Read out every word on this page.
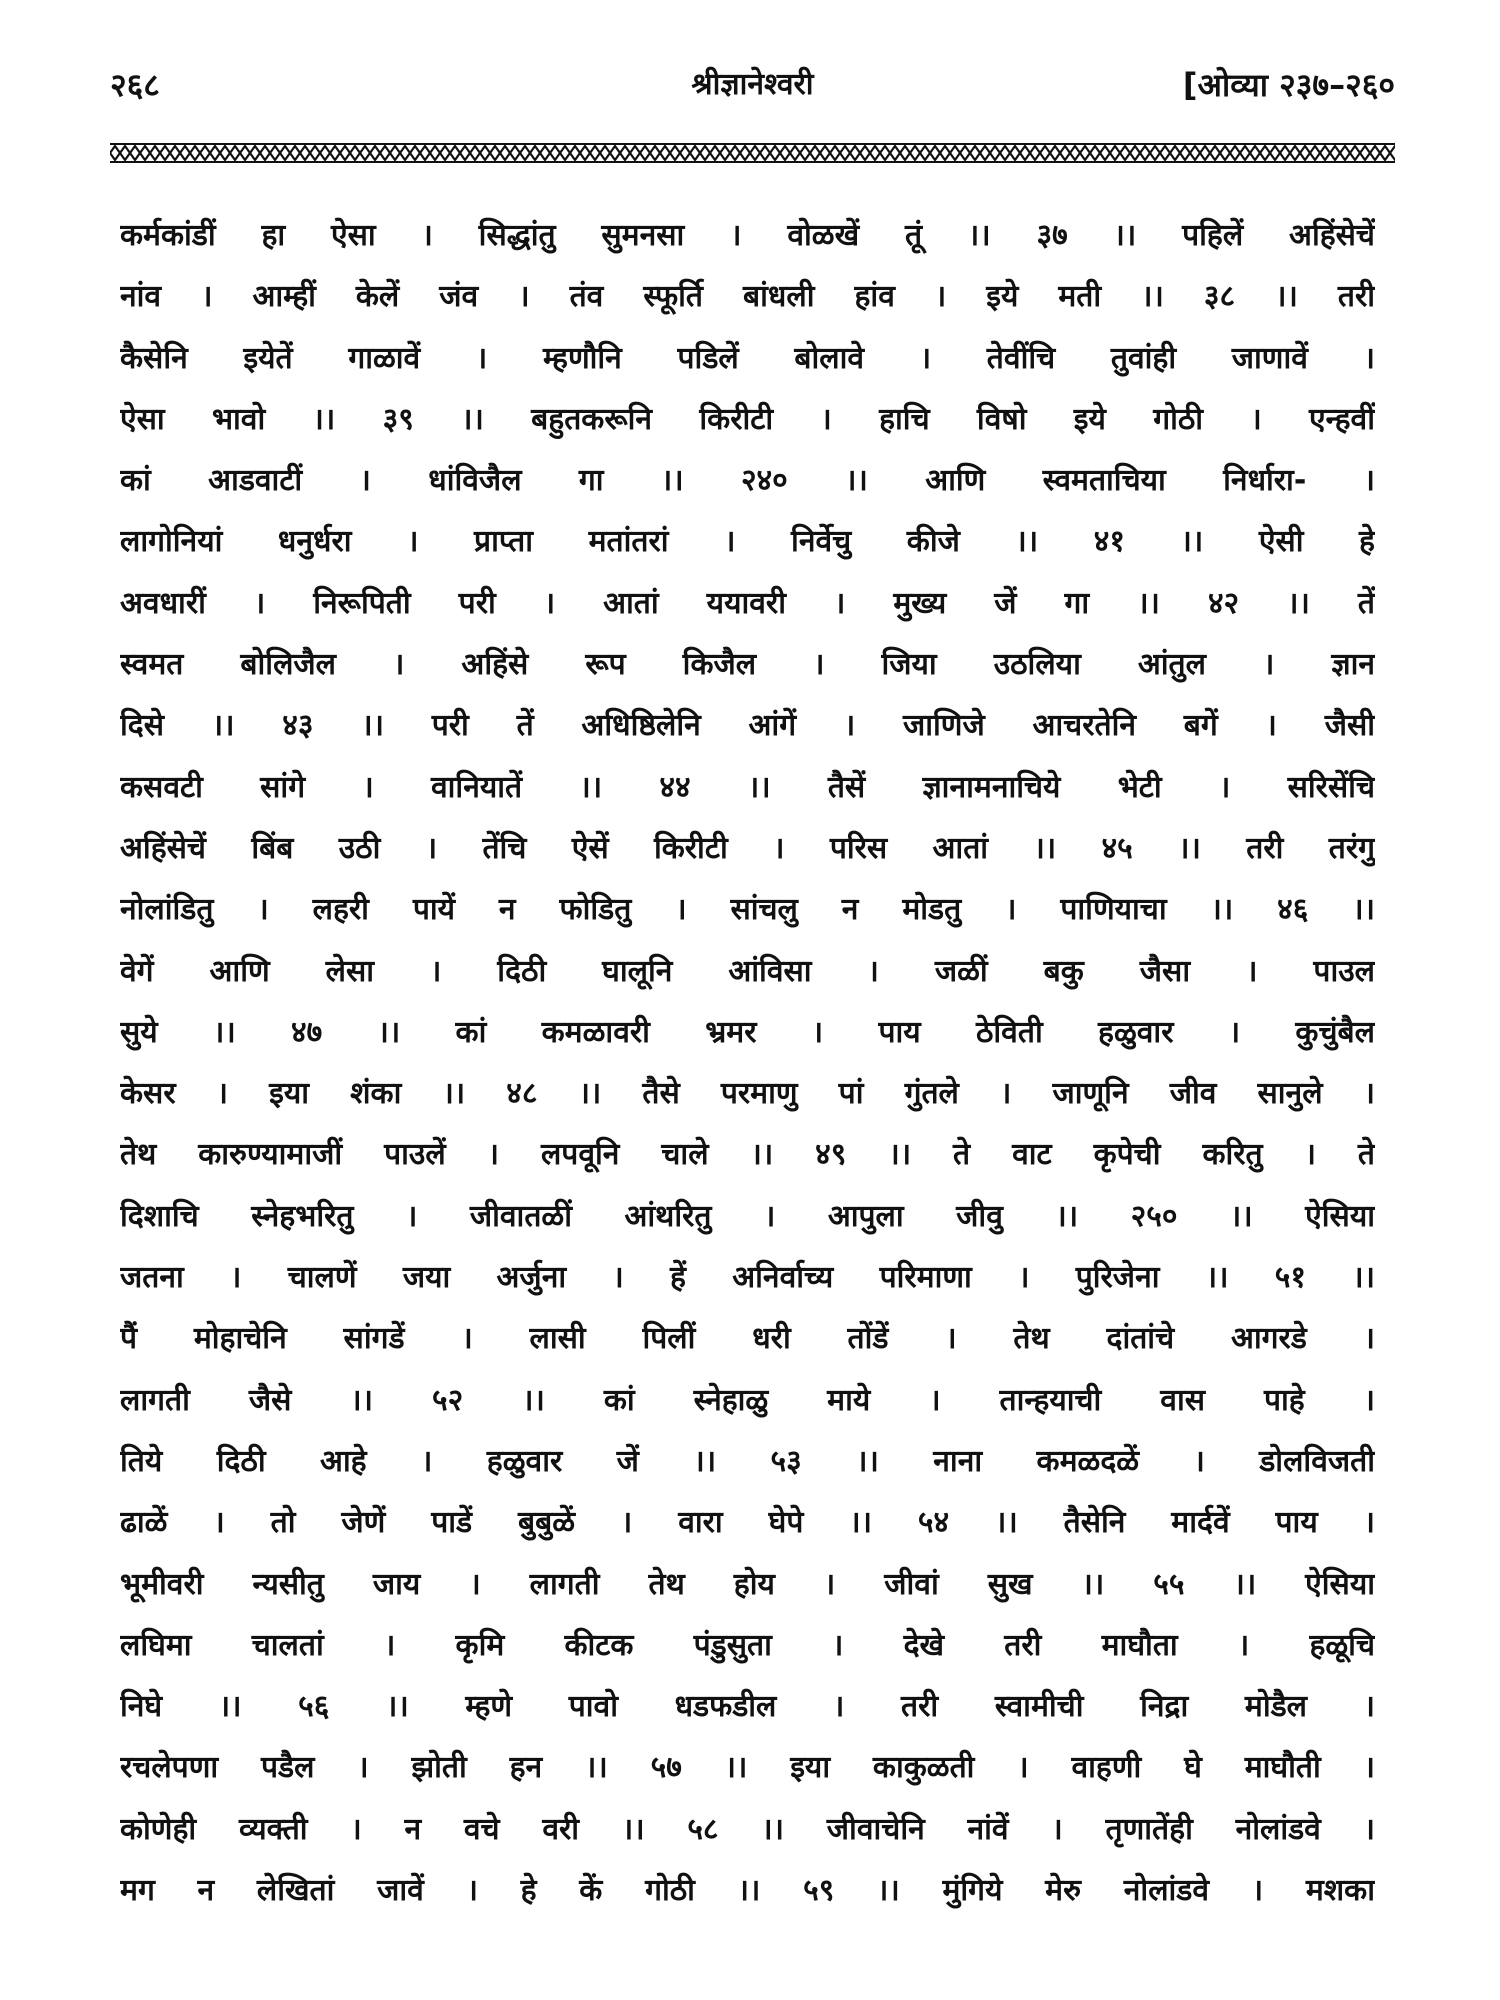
२६८	श्रीज्ञानेश्वरी	[ओव्या २३७–२६०
कर्मकांडीं हा ऐसा । सिद्धांतु सुमनसा । वोळखें तूं ।। ३७ ।। पहिलें अहिंसेचें
नांव । आम्हीं केलें जंव । तंव स्फूर्ति बांधली हांव । इये मती ।। ३८ ।। तरी
कैसेनि इयेतें गाळावें । म्हणौनि पडिलें बोलावे । तेवींचि तुवांही जाणावें ।
ऐसा भावो ।। ३९ ।। बहुतकरूनि किरीटी । हाचि विषो इये गोठी । एन्हवीं
कां आडवाटीं । धांविजैल गा ।। २४० ।। आणि स्वमताचिया निर्धारा- ।
लागोनियां धनुर्धरा । प्राप्ता मतांतरां । निर्वेचु कीजे ।। ४१ ।। ऐसी हे
अवधारीं । निरूपिती परी । आतां ययावरी । मुख्य जें गा ।। ४२ ।। तें
स्वमत बोलिजैल । अहिंसे रूप किजैल । जिया उठलिया आंतुल । ज्ञान
दिसे ।। ४३ ।। परी तें अधिष्ठिलेनि आंगें । जाणिजे आचरतेनि बगें । जैसी
कसवटी सांगे । वानियातें ।। ४४ ।। तैसें ज्ञानामनाचिये भेटी । सरिसेंचि
अहिंसेचें बिंब उठी । तेंचि ऐसें किरीटी । परिस आतां ।। ४५ ।। तरी तरंगु
नोलांडितु । लहरी पायें न फोडितु । सांचलु न मोडतु । पाणियाचा ।। ४६ ।।
वेगें आणि लेसा । दिठी घालूनि आंविसा । जळीं बकु जैसा । पाउल
सुये ।। ४७ ।। कां कमळावरी भ्रमर । पाय ठेविती हळुवार । कुचुंबैल
केसर । इया शंका ।। ४८ ।। तैसे परमाणु पां गुंतले । जाणूनि जीव सानुले ।
तेथ कारुण्यामाजीं पाउलें । लपवूनि चाले ।। ४९ ।। ते वाट कृपेची करितु । ते
दिशाचि स्नेहभरितु । जीवातळीं आंथरितु । आपुला जीवु ।। २५० ।। ऐसिया
जतना । चालणें जया अर्जुना । हें अनिर्वाच्य परिमाणा । पुरिजेना ।। ५१ ।।
पैं मोहाचेनि सांगडें । लासी पिलीं धरी तोंडें । तेथ दांतांचे आगरडे ।
लागती जैसे ।। ५२ ।। कां स्नेहाळु माये । तान्हयाची वास पाहे ।
तिये दिठी आहे । हळुवार जें ।। ५३ ।। नाना कमळदळें । डोलविजती
ढाळें । तो जेणें पाडें बुबुळें । वारा घेपे ।। ५४ ।। तैसेनि मार्दवें पाय ।
भूमीवरी न्यसीतु जाय । लागती तेथ होय । जीवां सुख ।। ५५ ।। ऐसिया
लघिमा चालतां । कृमि कीटक पंडुसुता । देखे तरी माघौता । हळूचि
निघे ।। ५६ ।। म्हणे पावो धडफडील । तरी स्वामीची निद्रा मोडैल ।
रचलेपणा पडैल । झोती हन ।। ५७ ।। इया काकुळती । वाहणी घे माघौती ।
कोणेही व्यक्ती । न वचे वरी ।। ५८ ।। जीवाचेनि नांवें । तृणातेंही नोलांडवे ।
मग न लेखितां जावें । हे कें गोठी ।। ५९ ।। मुंगिये मेरु नोलांडवे । मशका
